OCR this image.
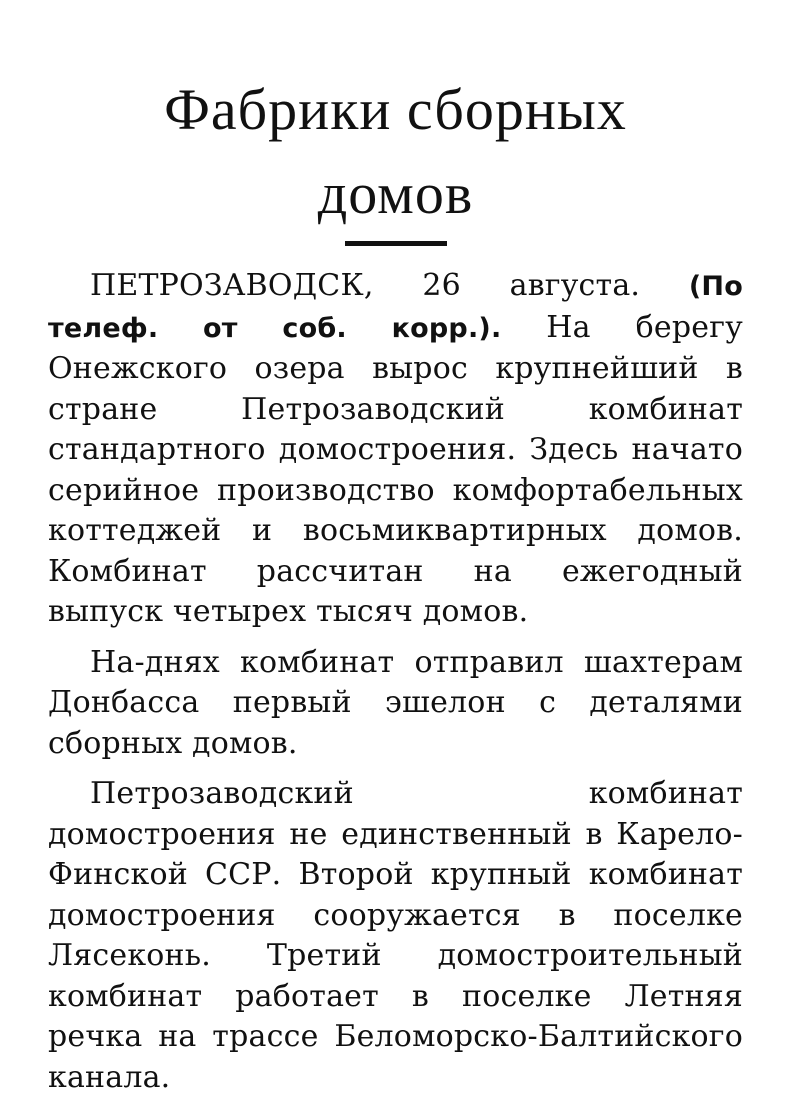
Фабрики сборных
домов

ПЕТРОЗАВОДСК, 26 августа. (По телеф. от соб. корр.). На берегу Онежского озера вырос крупнейший в стране Петрозаводский комбинат стандартного домостроения. Здесь начато серийное производство комфортабельных коттеджей и восьмиквартирных домов. Комбинат рассчитан на ежегодный выпуск четырех тысяч домов.

На-днях комбинат отправил шахтерам Донбасса первый эшелон с деталями сборных домов.

Петрозаводский комбинат домостроения не единственный в Карело-Финской ССР. Второй крупный комбинат домостроения сооружается в поселке Лясеконь. Третий домостроительный комбинат работает в поселке Летняя речка на трассе Беломорско-Балтийского канала.
